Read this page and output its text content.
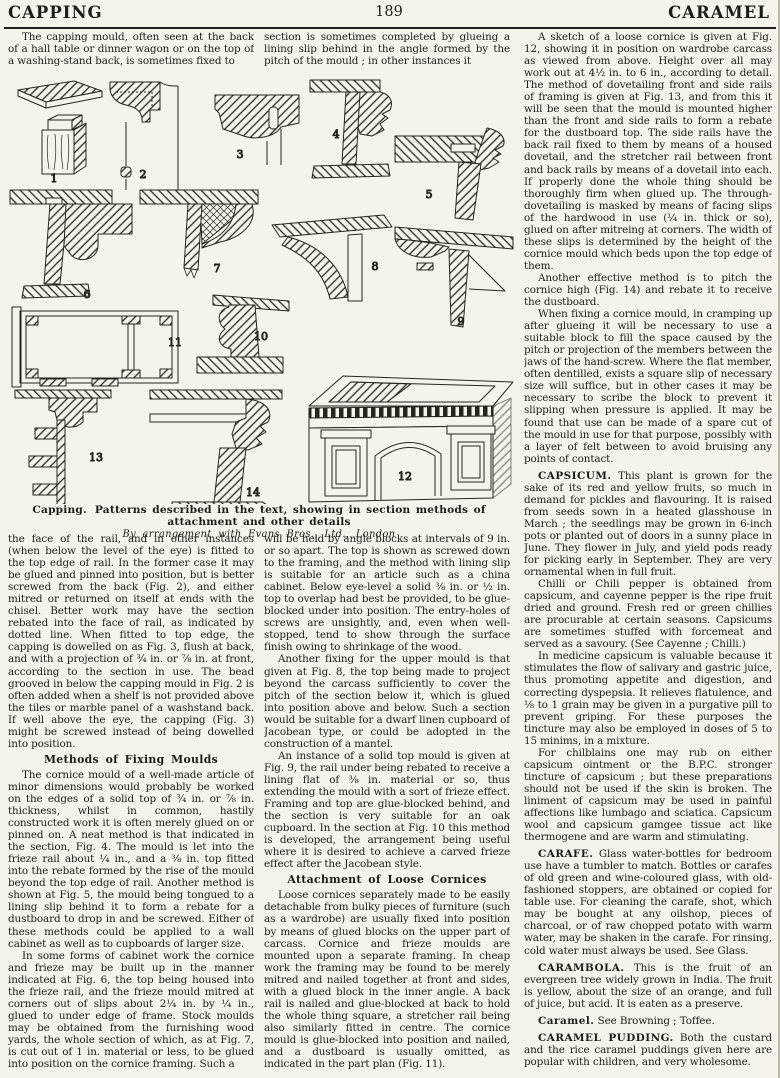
CAPPING	189	CARAMEL

The capping mould, often seen at the back of a hall table or dinner wagon or on the top of a washing-stand back, is sometimes fixed to

section is sometimes completed by glueing a lining slip behind in the angle formed by the pitch of the mould ; in other instances it

1	2
3
4
5
6
7	8
9
10
11
12
13
14
Capping. Patterns described in the text, showing in section methods of attachment and other details
By arrangement with Evans Bros., Ltd., London

the face of the rail, and in other instances (when below the level of the eye) is fitted to the top edge of rail. In the former case it may be glued and pinned into position, but is better screwed from the back (Fig. 2), and either mitred or returned on itself at ends with the chisel. Better work may have the section rebated into the face of rail, as indicated by dotted line. When fitted to top edge, the capping is dowelled on as Fig. 3, flush at back, and with a projection of ¾ in. or ⅞ in. at front, according to the section in use. The bead grooved in below the capping mould in Fig. 2 is often added when a shelf is not provided above the tiles or marble panel of a washstand back. If well above the eye, the capping (Fig. 3) might be screwed instead of being dowelled into position.

Methods of Fixing Moulds

The cornice mould of a well-made article of minor dimensions would probably be worked on the edges of a solid top of ¾ in. or ⅞ in. thickness, whilst in common, hastily constructed work it is often merely glued on or pinned on. A neat method is that indicated in the section, Fig. 4. The mould is let into the frieze rail about ¼ in., and a ⅜ in. top fitted into the rebate formed by the rise of the mould beyond the top edge of rail. Another method is shown at Fig. 5, the mould being tongued to a lining slip behind it to form a rebate for a dustboard to drop in and be screwed. Either of these methods could be applied to a wall cabinet as well as to cupboards of larger size.

In some forms of cabinet work the cornice and frieze may be built up in the manner indicated at Fig. 6, the top being housed into the frieze rail, and the frieze mould mitred at corners out of slips about 2¼ in. by ¼ in., glued to under edge of frame. Stock moulds may be obtained from the furnishing wood yards, the whole section of which, as at Fig. 7, is cut out of 1 in. material or less, to be glued into position on the cornice framing. Such a

will be held by angle blocks at intervals of 9 in. or so apart. The top is shown as screwed down to the framing, and the method with lining slip is suitable for an article such as a china cabinet. Below eye-level a solid ⅜ in. or ½ in. top to overlap had best be provided, to be glue-blocked under into position. The entry-holes of screws are unsightly, and, even when well-stopped, tend to show through the surface finish owing to shrinkage of the wood.

Another fixing for the upper mould is that given at Fig. 8, the top being made to project beyond the carcass sufficiently to cover the pitch of the section below it, which is glued into position above and below. Such a section would be suitable for a dwarf linen cupboard of Jacobean type, or could be adopted in the construction of a mantel.

An instance of a solid top mould is given at Fig. 9, the rail under being rebated to receive a lining flat of ⅜ in. material or so, thus extending the mould with a sort of frieze effect. Framing and top are glue-blocked behind, and the section is very suitable for an oak cupboard. In the section at Fig. 10 this method is developed, the arrangement being useful where it is desired to achieve a carved frieze effect after the Jacobean style.

Attachment of Loose Cornices

Loose cornices separately made to be easily detachable from bulky pieces of furniture (such as a wardrobe) are usually fixed into position by means of glued blocks on the upper part of carcass. Cornice and frieze moulds are mounted upon a separate framing. In cheap work the framing may be found to be merely mitred and nailed together at front and sides, with a glued block in the inner angle. A back rail is nailed and glue-blocked at back to hold the whole thing square, a stretcher rail being also similarly fitted in centre. The cornice mould is glue-blocked into position and nailed, and a dustboard is usually omitted, as indicated in the part plan (Fig. 11).

A sketch of a loose cornice is given at Fig. 12, showing it in position on wardrobe carcass as viewed from above. Height over all may work out at 4½ in. to 6 in., according to detail. The method of dovetailing front and side rails of framing is given at Fig. 13, and from this it will be seen that the mould is mounted higher than the front and side rails to form a rebate for the dustboard top. The side rails have the back rail fixed to them by means of a housed dovetail, and the stretcher rail between front and back rails by means of a dovetail into each. If properly done the whole thing should be thoroughly firm when glued up. The through-dovetailing is masked by means of facing slips of the hardwood in use (¼ in. thick or so), glued on after mitreing at corners. The width of these slips is determined by the height of the cornice mould which beds upon the top edge of them.

Another effective method is to pitch the cornice high (Fig. 14) and rebate it to receive the dustboard.

When fixing a cornice mould, in cramping up after glueing it will be necessary to use a suitable block to fill the space caused by the pitch or projection of the members between the jaws of the hand-screw. Where the flat member, often dentilled, exists a square slip of necessary size will suffice, but in other cases it may be necessary to scribe the block to prevent it slipping when pressure is applied. It may be found that use can be made of a spare cut of the mould in use for that purpose, possibly with a layer of felt between to avoid bruising any points of contact.

CAPSICUM. This plant is grown for the sake of its red and yellow fruits, so much in demand for pickles and flavouring. It is raised from seeds sown in a heated glasshouse in March ; the seedlings may be grown in 6-inch pots or planted out of doors in a sunny place in June. They flower in July, and yield pods ready for picking early in September. They are very ornamental when in full fruit.

Chilli or Chili pepper is obtained from capsicum, and cayenne pepper is the ripe fruit dried and ground. Fresh red or green chillies are procurable at certain seasons. Capsicums are sometimes stuffed with forcemeat and served as a savoury. (See Cayenne ; Chilli.)

In medicine capsicum is valuable because it stimulates the flow of salivary and gastric juice, thus promoting appetite and digestion, and correcting dyspepsia. It relieves flatulence, and ⅛ to 1 grain may be given in a purgative pill to prevent griping. For these purposes the tincture may also be employed in doses of 5 to 15 minims, in a mixture.

For chilblains one may rub on either capsicum ointment or the B.P.C. stronger tincture of capsicum ; but these preparations should not be used if the skin is broken. The liniment of capsicum may be used in painful affections like lumbago and sciatica. Capsicum wool and capsicum gamgee tissue act like thermogene and are warm and stimulating.

CARAFE. Glass water-bottles for bedroom use have a tumbler to match. Bottles or carafes of old green and wine-coloured glass, with old-fashioned stoppers, are obtained or copied for table use. For cleaning the carafe, shot, which may be bought at any oilshop, pieces of charcoal, or of raw chopped potato with warm water, may be shaken in the carafe. For rinsing, cold water must always be used. See Glass.

CARAMBOLA. This is the fruit of an evergreen tree widely grown in India. The fruit is yellow, about the size of an orange, and full of juice, but acid. It is eaten as a preserve.

Caramel. See Browning ; Toffee.

CARAMEL PUDDING. Both the custard and the rice caramel puddings given here are popular with children, and very wholesome.
